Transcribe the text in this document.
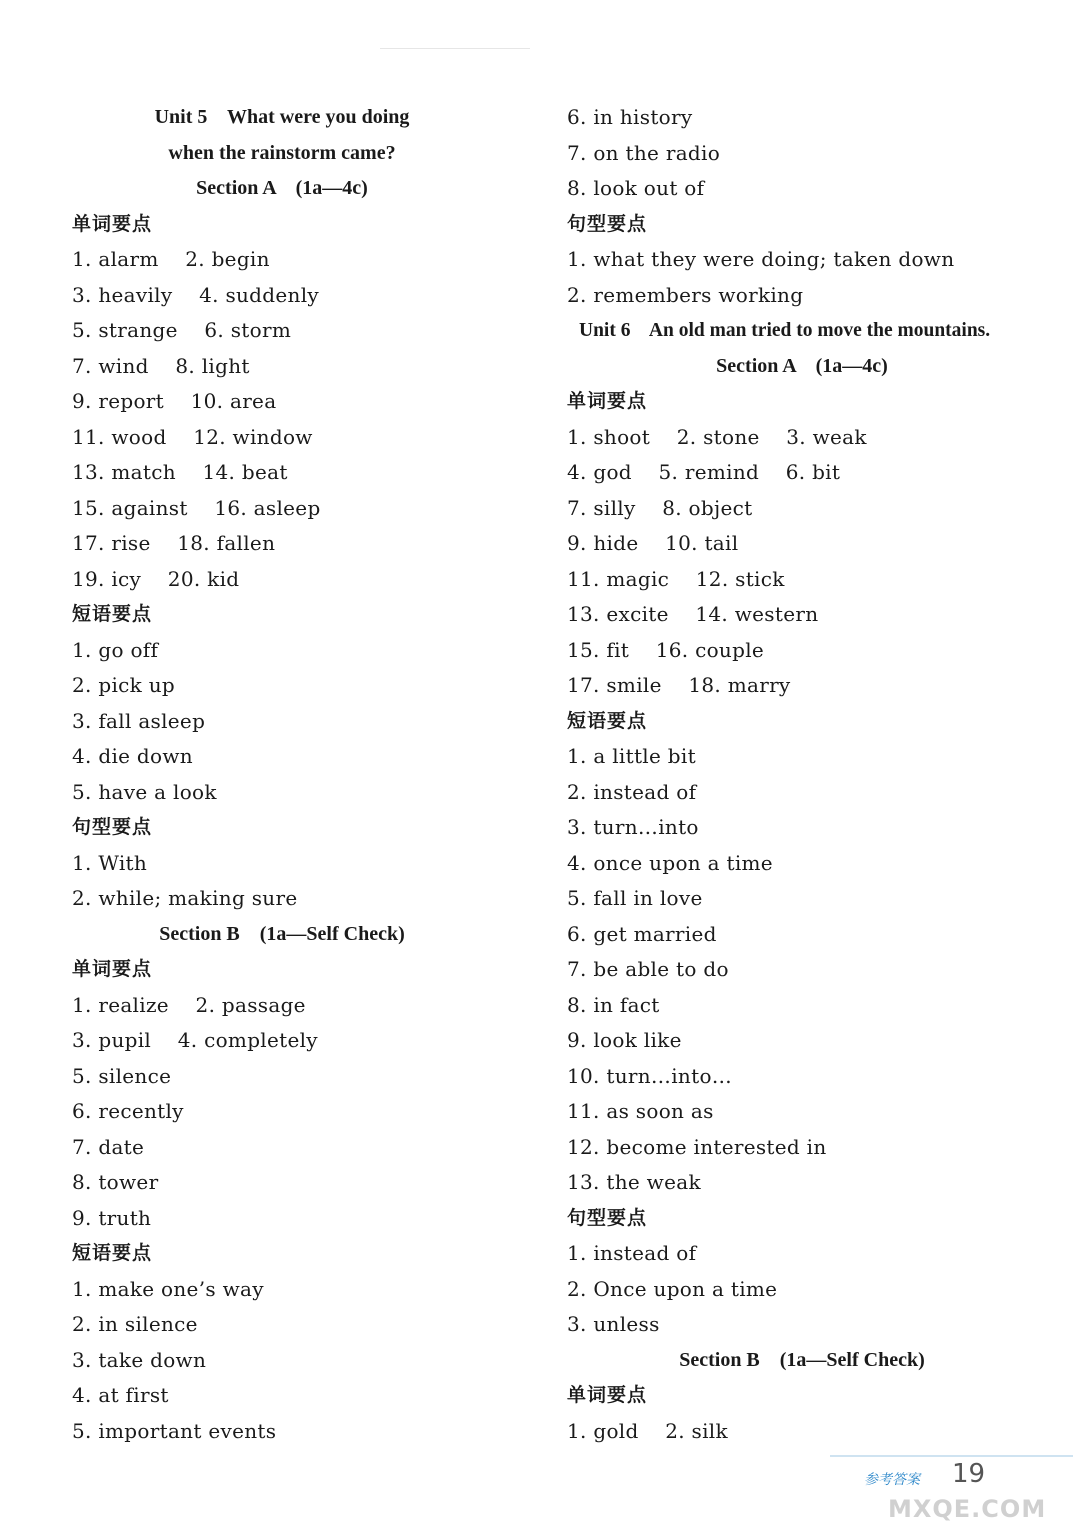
Unit 5    What were you doing
when the rainstorm came?
Section A    (1a—4c)
单词要点
1. alarm    2. begin
3. heavily    4. suddenly
5. strange    6. storm
7. wind    8. light
9. report    10. area
11. wood    12. window
13. match    14. beat
15. against    16. asleep
17. rise    18. fallen
19. icy    20. kid
短语要点
1. go off
2. pick up
3. fall asleep
4. die down
5. have a look
句型要点
1. With
2. while; making sure
Section B    (1a—Self Check)
单词要点
1. realize    2. passage
3. pupil    4. completely
5. silence
6. recently
7. date
8. tower
9. truth
短语要点
1. make one’s way
2. in silence
3. take down
4. at first
5. important events
6. in history
7. on the radio
8. look out of
句型要点
1. what they were doing; taken down
2. remembers working
Unit 6    An old man tried to move the mountains.
Section A    (1a—4c)
单词要点
1. shoot    2. stone    3. weak
4. god    5. remind    6. bit
7. silly    8. object
9. hide    10. tail
11. magic    12. stick
13. excite    14. western
15. fit    16. couple
17. smile    18. marry
短语要点
1. a little bit
2. instead of
3. turn…into
4. once upon a time
5. fall in love
6. get married
7. be able to do
8. in fact
9. look like
10. turn…into…
11. as soon as
12. become interested in
13. the weak
句型要点
1. instead of
2. Once upon a time
3. unless
Section B    (1a—Self Check)
单词要点
1. gold    2. silk
参考答案 19
MXQE.COM
